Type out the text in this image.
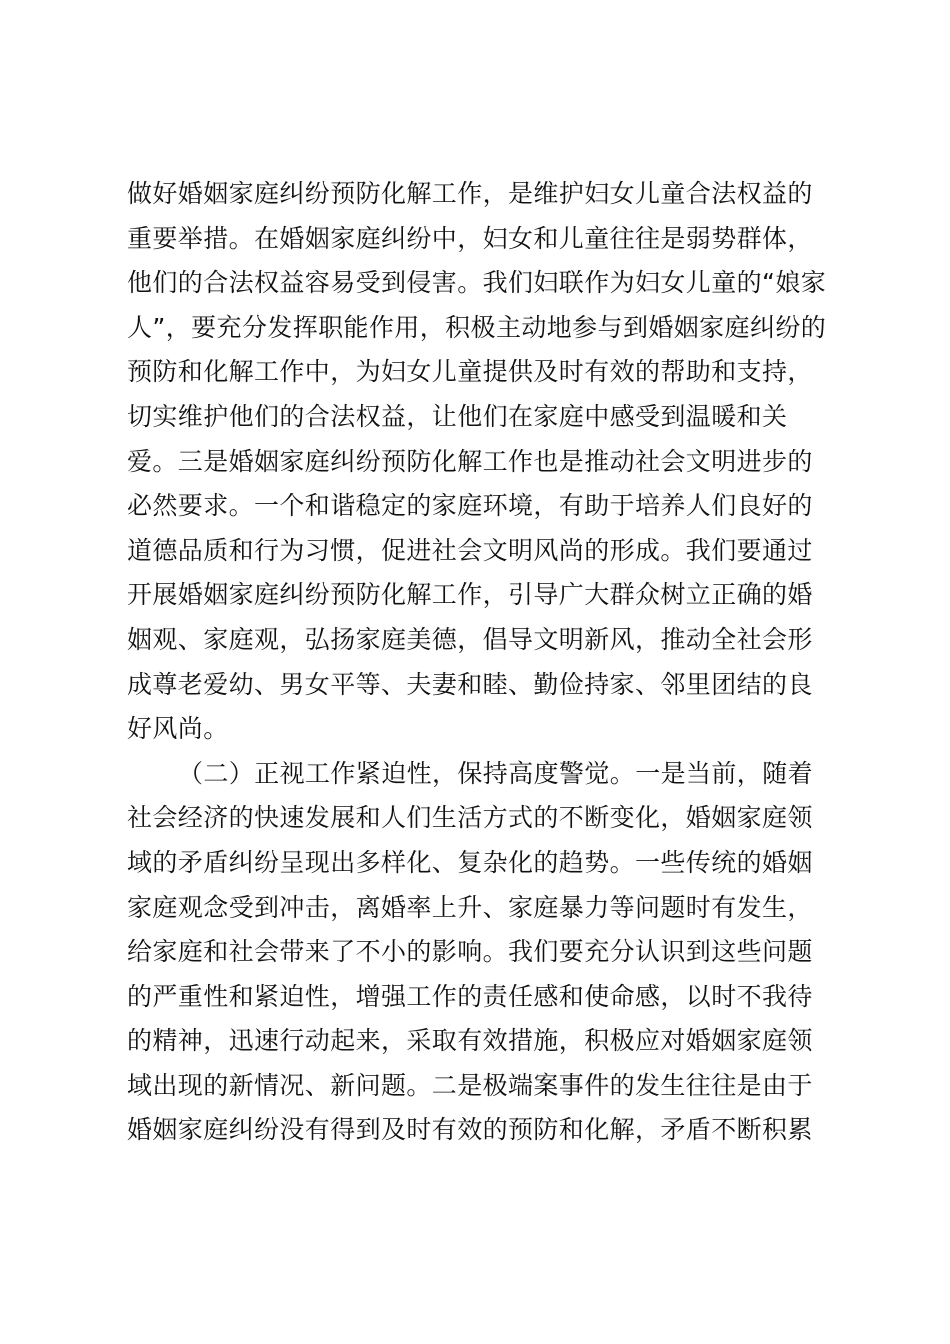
做好婚姻家庭纠纷预防化解工作，是维护妇女儿童合法权益的
重要举措。在婚姻家庭纠纷中，妇女和儿童往往是弱势群体，
他们的合法权益容易受到侵害。我们妇联作为妇女儿童的“娘家
人”，要充分发挥职能作用，积极主动地参与到婚姻家庭纠纷的
预防和化解工作中，为妇女儿童提供及时有效的帮助和支持，
切实维护他们的合法权益，让他们在家庭中感受到温暖和关
爱。三是婚姻家庭纠纷预防化解工作也是推动社会文明进步的
必然要求。一个和谐稳定的家庭环境，有助于培养人们良好的
道德品质和行为习惯，促进社会文明风尚的形成。我们要通过
开展婚姻家庭纠纷预防化解工作，引导广大群众树立正确的婚
姻观、家庭观，弘扬家庭美德，倡导文明新风，推动全社会形
成尊老爱幼、男女平等、夫妻和睦、勤俭持家、邻里团结的良
好风尚。
（二）正视工作紧迫性，保持高度警觉。一是当前，随着
社会经济的快速发展和人们生活方式的不断变化，婚姻家庭领
域的矛盾纠纷呈现出多样化、复杂化的趋势。一些传统的婚姻
家庭观念受到冲击，离婚率上升、家庭暴力等问题时有发生，
给家庭和社会带来了不小的影响。我们要充分认识到这些问题
的严重性和紧迫性，增强工作的责任感和使命感，以时不我待
的精神，迅速行动起来，采取有效措施，积极应对婚姻家庭领
域出现的新情况、新问题。二是极端案事件的发生往往是由于
婚姻家庭纠纷没有得到及时有效的预防和化解，矛盾不断积累
